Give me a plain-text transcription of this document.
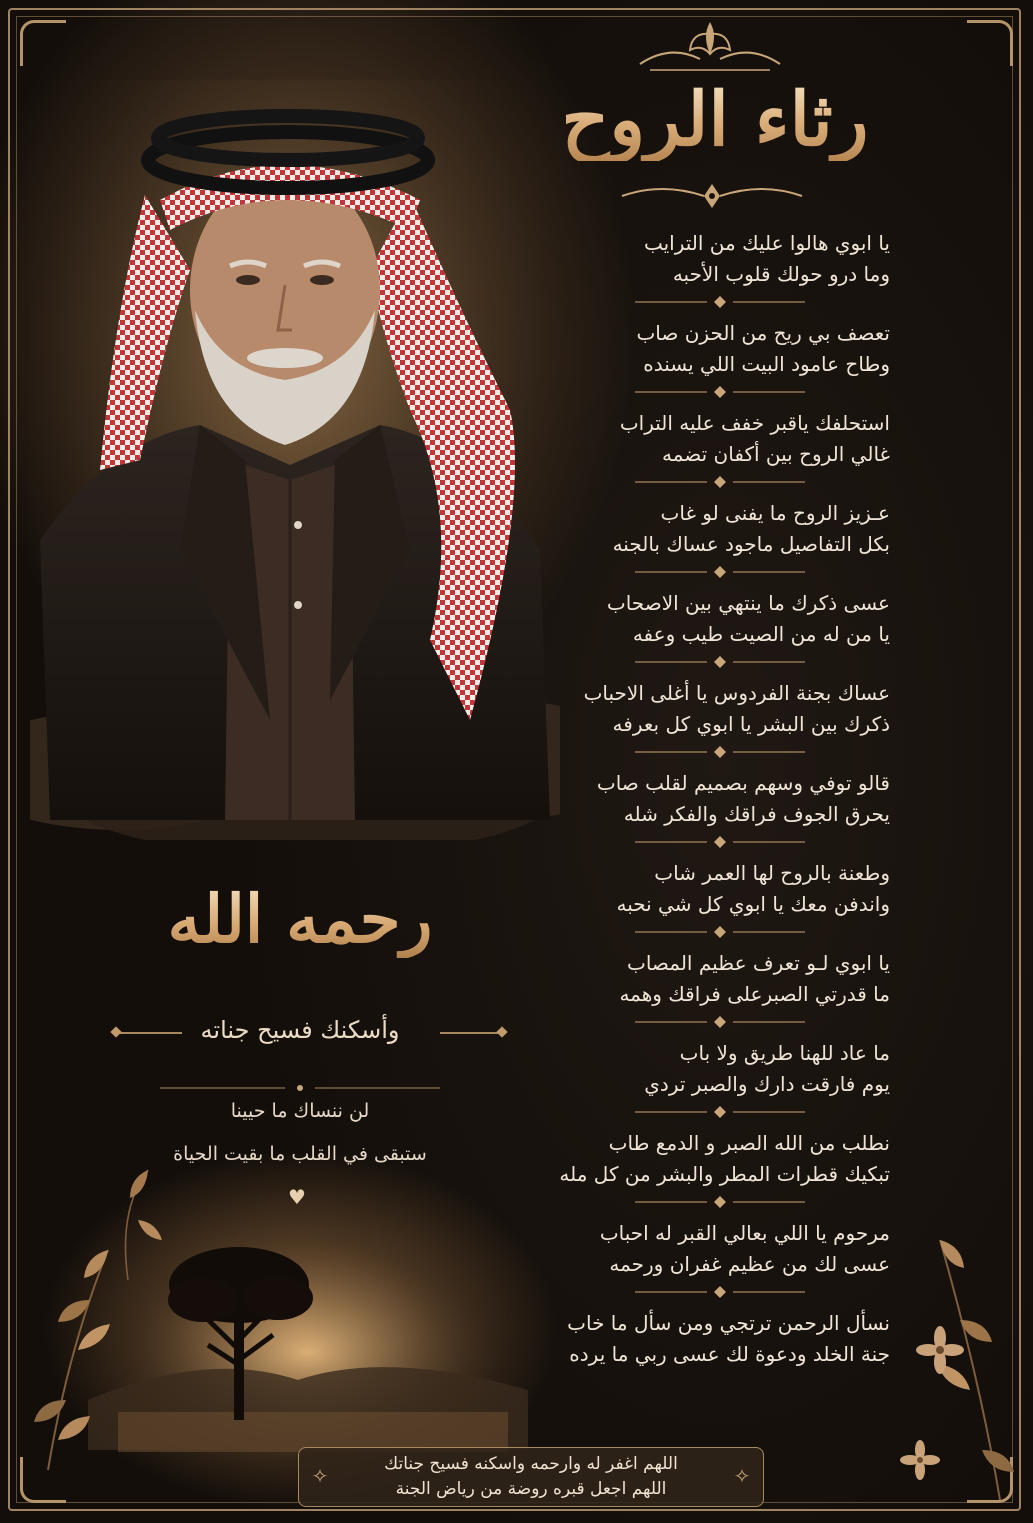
رثاء الروح
يا ابوي هالوا عليك من الترايب
وما درو حولك قلوب الأحبه
تعصف بي ريح من الحزن صاب
وطاح عامود البيت اللي يسنده
استحلفك ياقبر خفف عليه التراب
غالي الروح بين أكفان تضمه
عـزيز الروح ما يفنى لو غاب
بكل التفاصيل ماجود عساك بالجنه
عسى ذكرك ما ينتهي بين الاصحاب
يا من له من الصيت طيب وعفه
عساك بجنة الفردوس يا أغلى الاحباب
ذكرك بين البشر يا ابوي كل بعرفه
قالو توفي وسهم بصميم لقلب صاب
يحرق الجوف فراقك والفكر شله
وطعنة بالروح لها العمر شاب
واندفن معك يا ابوي كل شي نحبه
يا ابوي لـو تعرف عظيم المصاب
ما قدرتي الصبرعلى فراقك وهمه
ما عاد للهنا طريق ولا باب
يوم فارقت دارك والصبر تردي
نطلب من الله الصبر و الدمع طاب
تبكيك قطرات المطر والبشر من كل مله
مرحوم يا اللي بعالي القبر له احباب
عسى لك من عظيم غفران ورحمه
نسأل الرحمن ترتجي ومن سأل ما خاب
جنة الخلد ودعوة لك عسى ربي ما يرده
رحمه الله
وأسكنك فسيح جناته
لن ننساك ما حيينا
ستبقى في القلب ما بقيت الحياة
♥
✧	✧
اللهم اغفر له وارحمه واسكنه فسيح جناتك
اللهم اجعل قبره روضة من رياض الجنة
